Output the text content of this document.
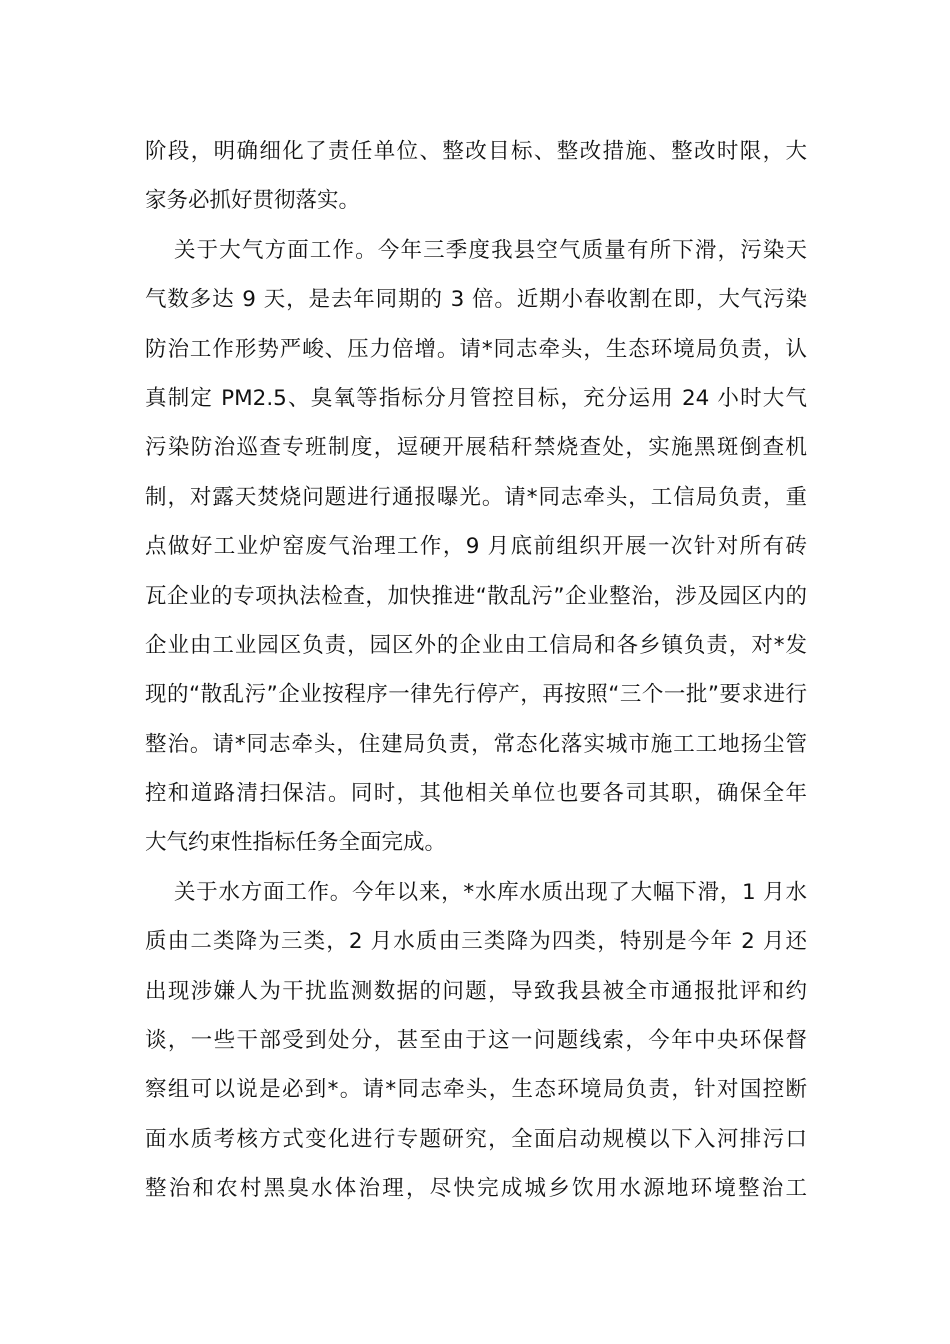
阶段，明确细化了责任单位、整改目标、整改措施、整改时限，大
家务必抓好贯彻落实。
关于大气方面工作。今年三季度我县空气质量有所下滑，污染天
气数多达 9 天，是去年同期的 3 倍。近期小春收割在即，大气污染
防治工作形势严峻、压力倍增。请*同志牵头，生态环境局负责，认
真制定 PM2.5、臭氧等指标分月管控目标，充分运用 24 小时大气
污染防治巡查专班制度，逗硬开展秸秆禁烧查处，实施黑斑倒查机
制，对露天焚烧问题进行通报曝光。请*同志牵头，工信局负责，重
点做好工业炉窑废气治理工作，9 月底前组织开展一次针对所有砖
瓦企业的专项执法检查，加快推进“散乱污”企业整治，涉及园区内的
企业由工业园区负责，园区外的企业由工信局和各乡镇负责，对*发
现的“散乱污”企业按程序一律先行停产，再按照“三个一批”要求进行
整治。请*同志牵头，住建局负责，常态化落实城市施工工地扬尘管
控和道路清扫保洁。同时，其他相关单位也要各司其职，确保全年
大气约束性指标任务全面完成。
关于水方面工作。今年以来，*水库水质出现了大幅下滑，1 月水
质由二类降为三类，2 月水质由三类降为四类，特别是今年 2 月还
出现涉嫌人为干扰监测数据的问题，导致我县被全市通报批评和约
谈，一些干部受到处分，甚至由于这一问题线索，今年中央环保督
察组可以说是必到*。请*同志牵头，生态环境局负责，针对国控断
面水质考核方式变化进行专题研究，全面启动规模以下入河排污口
整治和农村黑臭水体治理，尽快完成城乡饮用水源地环境整治工
